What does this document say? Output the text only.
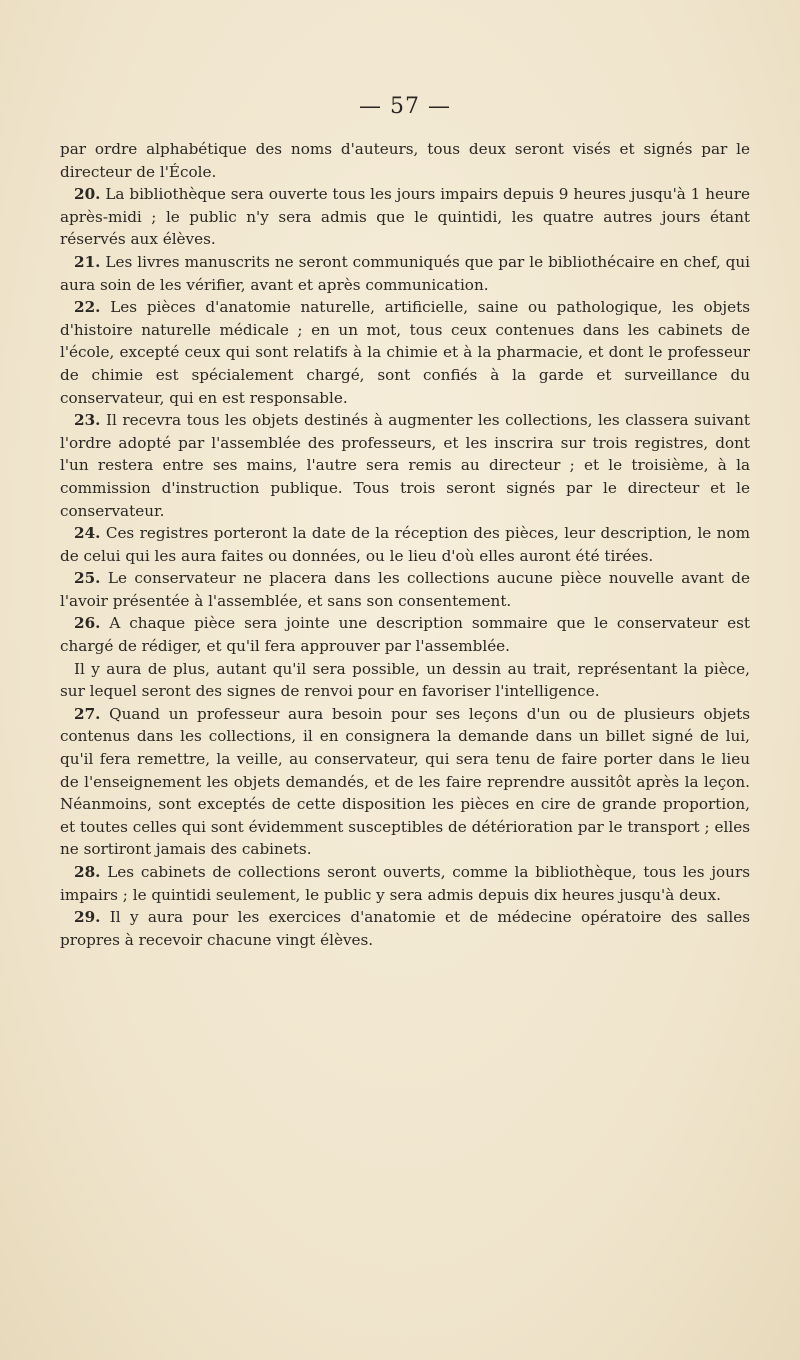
— 57 —

par ordre alphabétique des noms d'auteurs, tous deux seront visés et signés par le directeur de l'École.

20. La bibliothèque sera ouverte tous les jours impairs depuis 9 heures jusqu'à 1 heure après-midi ; le public n'y sera admis que le quintidi, les quatre autres jours étant réservés aux élèves.

21. Les livres manuscrits ne seront communiqués que par le bibliothécaire en chef, qui aura soin de les vérifier, avant et après communication.

22. Les pièces d'anatomie naturelle, artificielle, saine ou pathologique, les objets d'histoire naturelle médicale ; en un mot, tous ceux contenues dans les cabinets de l'école, excepté ceux qui sont relatifs à la chimie et à la pharmacie, et dont le professeur de chimie est spécialement chargé, sont confiés à la garde et surveillance du conservateur, qui en est responsable.

23. Il recevra tous les objets destinés à augmenter les collections, les classera suivant l'ordre adopté par l'assemblée des professeurs, et les inscrira sur trois registres, dont l'un restera entre ses mains, l'autre sera remis au directeur ; et le troisième, à la commission d'instruction publique. Tous trois seront signés par le directeur et le conservateur.

24. Ces registres porteront la date de la réception des pièces, leur description, le nom de celui qui les aura faites ou données, ou le lieu d'où elles auront été tirées.

25. Le conservateur ne placera dans les collections aucune pièce nouvelle avant de l'avoir présentée à l'assemblée, et sans son consentement.

26. A chaque pièce sera jointe une description sommaire que le conservateur est chargé de rédiger, et qu'il fera approuver par l'assemblée.

Il y aura de plus, autant qu'il sera possible, un dessin au trait, représentant la pièce, sur lequel seront des signes de renvoi pour en favoriser l'intelligence.

27. Quand un professeur aura besoin pour ses leçons d'un ou de plusieurs objets contenus dans les collections, il en consignera la demande dans un billet signé de lui, qu'il fera remettre, la veille, au conservateur, qui sera tenu de faire porter dans le lieu de l'enseignement les objets demandés, et de les faire reprendre aussitôt après la leçon. Néanmoins, sont exceptés de cette disposition les pièces en cire de grande proportion, et toutes celles qui sont évidemment susceptibles de détérioration par le transport ; elles ne sortiront jamais des cabinets.

28. Les cabinets de collections seront ouverts, comme la bibliothèque, tous les jours impairs ; le quintidi seulement, le public y sera admis depuis dix heures jusqu'à deux.

29. Il y aura pour les exercices d'anatomie et de médecine opératoire des salles propres à recevoir chacune vingt élèves.
